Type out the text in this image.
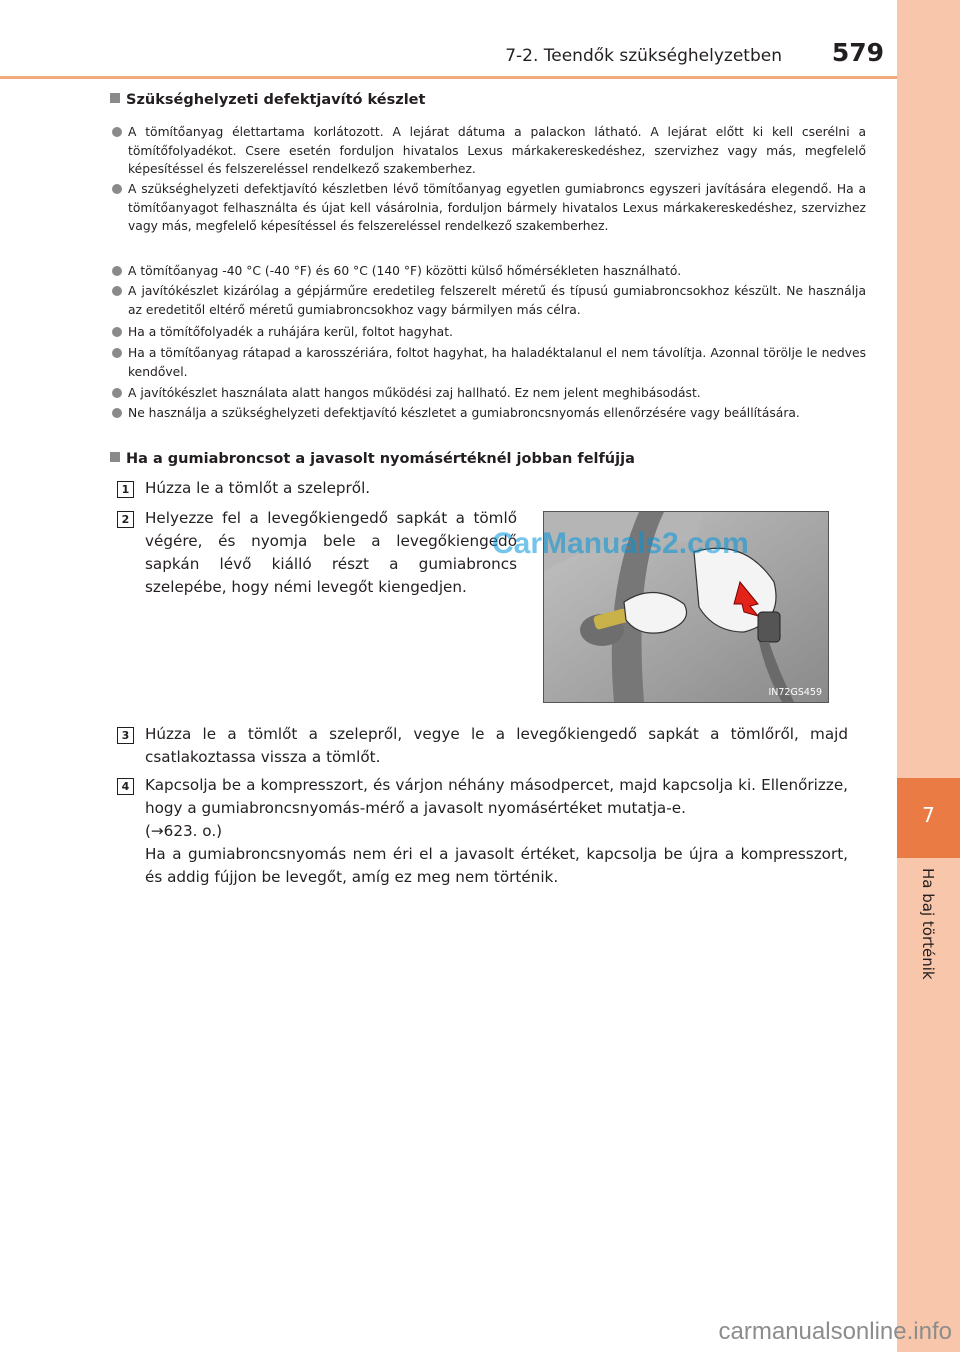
7-2. Teendők szükséghelyzetben 579
7
Ha baj történik
Szükséghelyzeti defektjavító készlet
A tömítőanyag élettartama korlátozott. A lejárat dátuma a palackon látható. A lejárat előtt ki kell cserélni a tömítőfolyadékot. Csere esetén forduljon hivatalos Lexus márkakereskedéshez, szervizhez vagy más, megfelelő képesítéssel és felszereléssel rendelkező szakemberhez.
A szükséghelyzeti defektjavító készletben lévő tömítőanyag egyetlen gumiabroncs egyszeri javítására elegendő. Ha a tömítőanyagot felhasználta és újat kell vásárolnia, forduljon bármely hivatalos Lexus márkakereskedéshez, szervizhez vagy más, megfelelő képesítéssel és felszereléssel rendelkező szakemberhez.
A tömítőanyag -40 °C (-40 °F) és 60 °C (140 °F) közötti külső hőmérsékleten használható.
A javítókészlet kizárólag a gépjárműre eredetileg felszerelt méretű és típusú gumiabroncsokhoz készült. Ne használja az eredetitől eltérő méretű gumiabroncsokhoz vagy bármilyen más célra.
Ha a tömítőfolyadék a ruhájára kerül, foltot hagyhat.
Ha a tömítőanyag rátapad a karosszériára, foltot hagyhat, ha haladéktalanul el nem távolítja. Azonnal törölje le nedves kendővel.
A javítókészlet használata alatt hangos működési zaj hallható. Ez nem jelent meghibásodást.
Ne használja a szükséghelyzeti defektjavító készletet a gumiabroncsnyomás ellenőrzésére vagy beállítására.
Ha a gumiabroncsot a javasolt nyomásértéknél jobban felfújja
1	Húzza le a tömlőt a szelepről.
2	Helyezze fel a levegőkiengedő sapkát a tömlő végére, és nyomja bele a levegőkiengedő sapkán lévő kiálló részt a gumiabroncs szelepébe, hogy némi levegőt kiengedjen.
IN72GS459
3	Húzza le a tömlőt a szelepről, vegye le a levegőkiengedő sapkát a tömlőről, majd csatlakoztassa vissza a tömlőt.
4	Kapcsolja be a kompresszort, és várjon néhány másodpercet, majd kapcsolja ki. Ellenőrizze, hogy a gumiabroncsnyomás-mérő a javasolt nyomásértéket mutatja-e.
(→623. o.)
Ha a gumiabroncsnyomás nem éri el a javasolt értéket, kapcsolja be újra a kompresszort, és addig fújjon be levegőt, amíg ez meg nem történik.
CarManuals2.com
carmanualsonline.info
